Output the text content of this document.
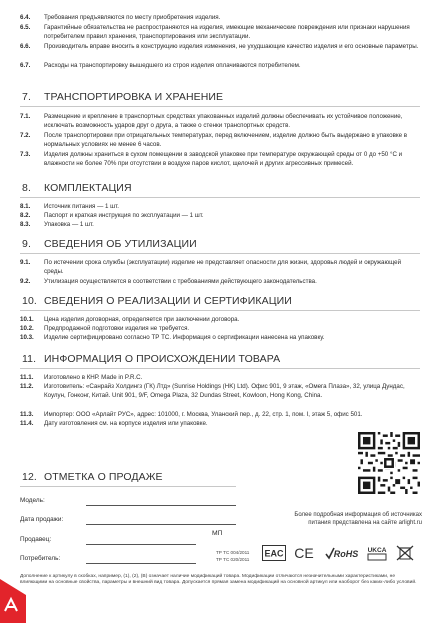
6.4.	Требования предъявляются по месту приобретения изделия.
6.5.	Гарантийные обязательства не распространяются на изделия, имеющие механические повреждения или признаки нарушения потребителем правил хранения, транспортирования или эксплуатации.
6.6.	Производитель вправе вносить в конструкцию изделия изменения, не ухудшающие качество изделия и его основные параметры.
6.7.	Расходы на транспортировку вышедшего из строя изделия оплачиваются потребителем.
7. ТРАНСПОРТИРОВКА И ХРАНЕНИЕ
7.1.	Размещение и крепление в транспортных средствах упакованных изделий должны обеспечивать их устойчивое положение, исключать возможность ударов друг о друга, а также о стенки транспортных средств.
7.2.	После транспортировки при отрицательных температурах, перед включением, изделие должно быть выдержано в упаковке в нормальных условиях не менее 6 часов.
7.3.	Изделия должны храниться в сухом помещении в заводской упаковке при температуре окружающей среды от 0 до +50 °С и влажности не более 70% при отсутствии в воздухе паров кислот, щелочей и других агрессивных примесей.
8. КОМПЛЕКТАЦИЯ
8.1.	Источник питания — 1 шт.
8.2.	Паспорт и краткая инструкция по эксплуатации — 1 шт.
8.3.	Упаковка — 1 шт.
9. СВЕДЕНИЯ ОБ УТИЛИЗАЦИИ
9.1.	По истечении срока службы (эксплуатации) изделие не представляет опасности для жизни, здоровья людей и окружающей среды.
9.2.	Утилизация осуществляется в соответствии с требованиями действующего законодательства.
10. СВЕДЕНИЯ О РЕАЛИЗАЦИИ И СЕРТИФИКАЦИИ
10.1.	Цена изделия договорная, определяется при заключении договора.
10.2.	Предпродажной подготовки изделия не требуется.
10.3.	Изделие сертифицировано согласно ТР ТС. Информация о сертификации нанесена на упаковку.
11. ИНФОРМАЦИЯ О ПРОИСХОЖДЕНИИ ТОВАРА
11.1.	Изготовлено в КНР. Made in P.R.C.
11.2.	Изготовитель: «Санрайз Холдингз (ГК) Лтд» (Sunrise Holdings (HK) Ltd). Офис 901, 9 этаж, «Омега Плаза», 32, улица Дундас, Коулун, Гонконг, Китай. Unit 901, 9/F, Omega Plaza, 32 Dundas Street, Kowloon, Hong Kong, China.
11.3.	Импортер: ООО «Арлайт РУС», адрес: 101000, г. Москва, Уланский пер., д. 22, стр. 1, пом. I, этаж 5, офис 501.
11.4.	Дату изготовления см. на корпусе изделия или упаковке.
12. ОТМЕТКА О ПРОДАЖЕ
Модель:
Дата продажи:
МП
Продавец:
Потребитель:
Более подробная информация об источниках питания представлена на сайте arlight.ru
ТР ТС 004/2011
ТР ТС 020/2011
EAC CE RoHS UKCA
Дополнение к артикулу в скобках, например, (1), (2), (В) означает наличие модификаций товара. Модификации отличаются незначительными характеристиками, не влияющими на основные свойства, параметры и внешний вид товара. Допускается прямая замена модификаций на основной артикул или наоборот без каких-либо условий.
